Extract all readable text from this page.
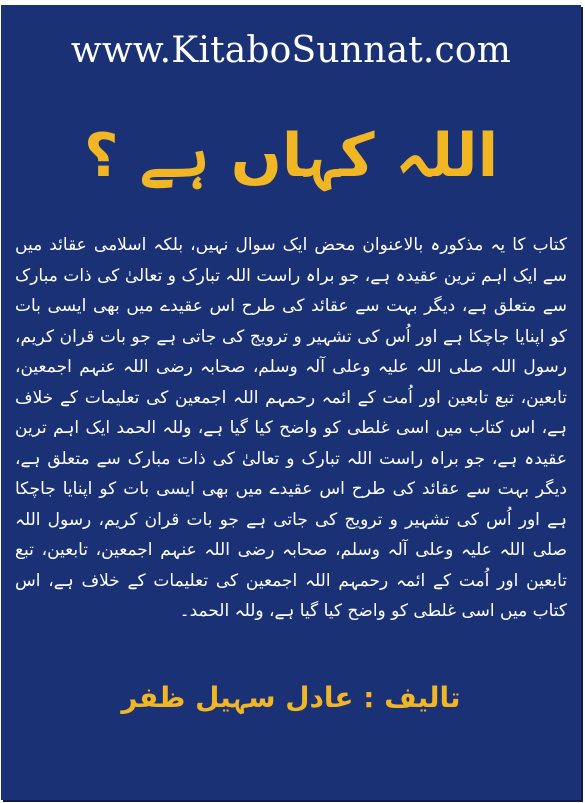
www.KitaboSunnat.com
اللہ کہاں ہے ؟
کتاب کا یہ مذکورہ بالاعنوان محض ایک سوال نہیں، بلکہ اسلامی عقائد میں سے ایک اہم ترین عقیدہ ہے، جو براہ راست اللہ تبارک و تعالیٰ کی ذات مبارک سے متعلق ہے، دیگر بہت سے عقائد کی طرح اس عقیدے میں بھی ایسی بات کو اپنایا جاچکا ہے اور اُس کی تشہیر و ترویج کی جاتی ہے جو بات قران کریم، رسول اللہ صلی اللہ علیہ وعلی آلہ وسلم، صحابہ رضی اللہ عنہم اجمعین، تابعین، تبع تابعین اور اُمت کے ائمہ رحمہم اللہ اجمعین کی تعلیمات کے خلاف ہے، اس کتاب میں اسی غلطی کو واضح کیا گیا ہے، وللہ الحمد ایک اہم ترین عقیدہ ہے، جو براہ راست اللہ تبارک و تعالیٰ کی ذات مبارک سے متعلق ہے، دیگر بہت سے عقائد کی طرح اس عقیدے میں بھی ایسی بات کو اپنایا جاچکا ہے اور اُس کی تشہیر و ترویج کی جاتی ہے جو بات قران کریم، رسول اللہ صلی اللہ علیہ وعلی آلہ وسلم، صحابہ رضی اللہ عنہم اجمعین، تابعین، تبع تابعین اور اُمت کے ائمہ رحمہم اللہ اجمعین کی تعلیمات کے خلاف ہے، اس کتاب میں اسی غلطی کو واضح کیا گیا ہے، وللہ الحمد۔
تالیف : عادل سہیل ظفر
